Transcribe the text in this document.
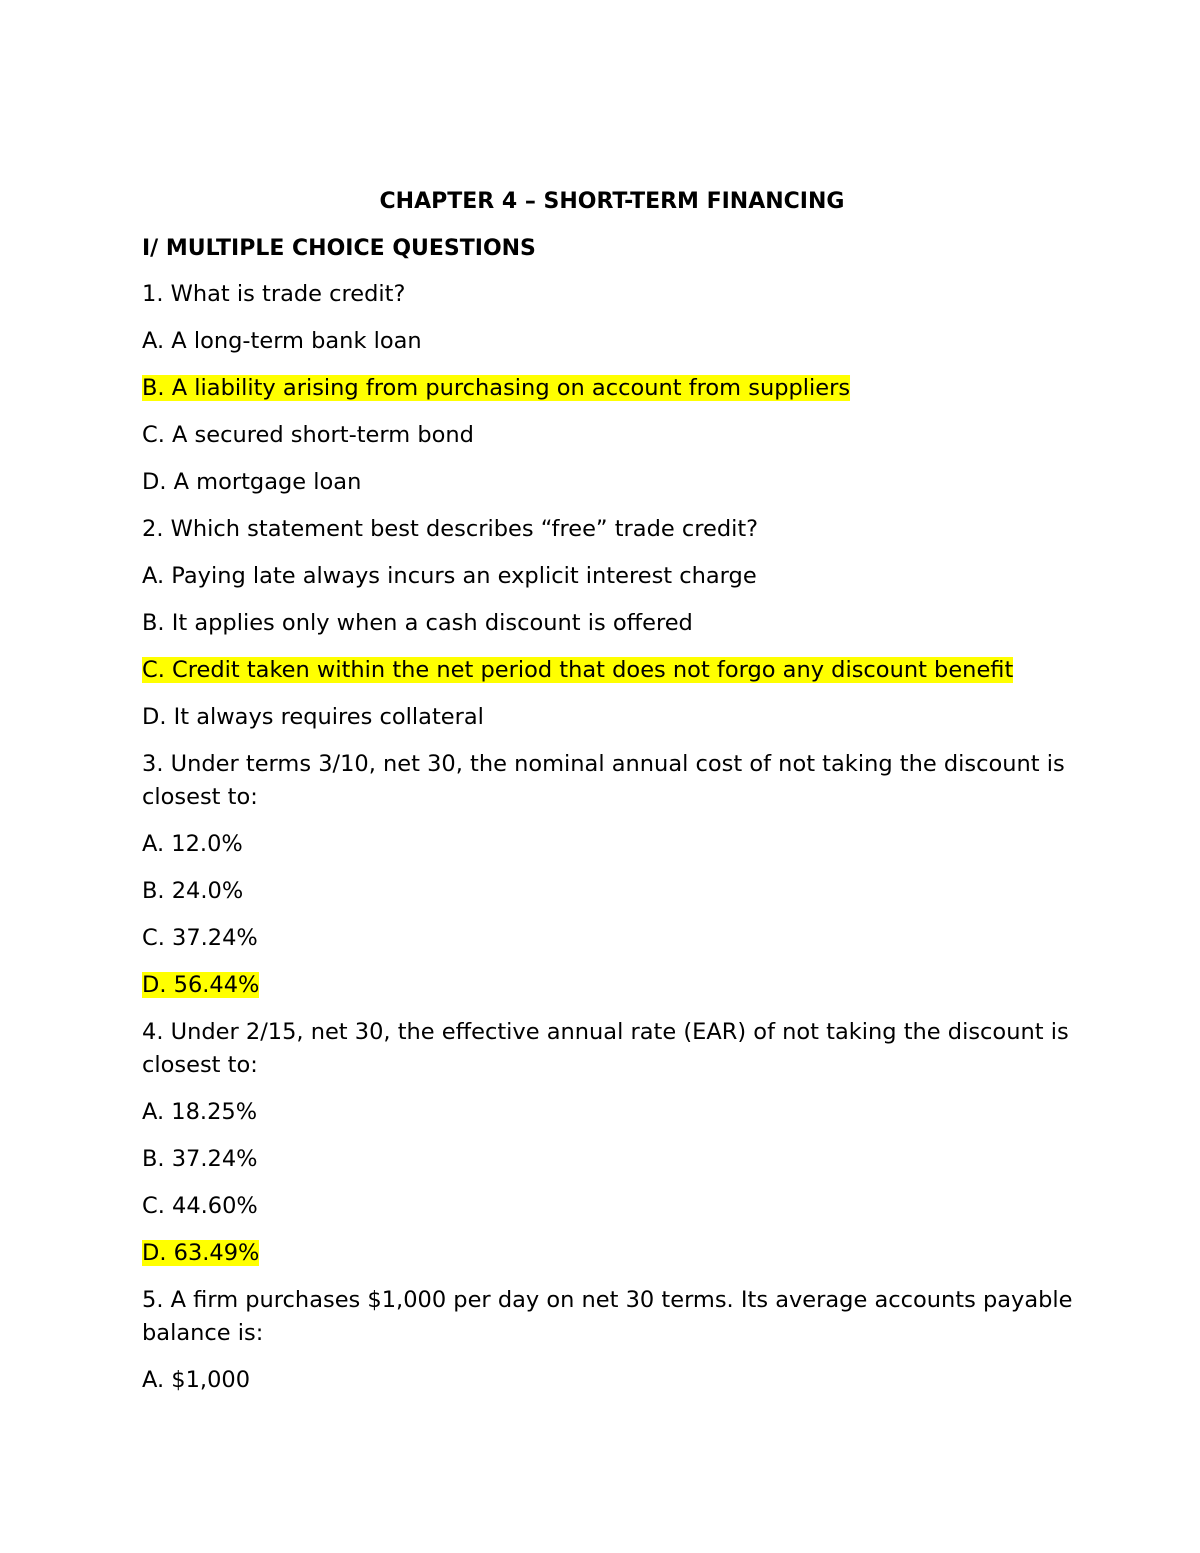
CHAPTER 4 – SHORT-TERM FINANCING
I/ MULTIPLE CHOICE QUESTIONS
1. What is trade credit?
A. A long-term bank loan
B. A liability arising from purchasing on account from suppliers
C. A secured short-term bond
D. A mortgage loan
2. Which statement best describes “free” trade credit?
A. Paying late always incurs an explicit interest charge
B. It applies only when a cash discount is offered
C. Credit taken within the net period that does not forgo any discount benefit
D. It always requires collateral
3. Under terms 3/10, net 30, the nominal annual cost of not taking the discount is closest to:
A. 12.0%
B. 24.0%
C. 37.24%
D. 56.44%
4. Under 2/15, net 30, the effective annual rate (EAR) of not taking the discount is closest to:
A. 18.25%
B. 37.24%
C. 44.60%
D. 63.49%
5. A firm purchases $1,000 per day on net 30 terms. Its average accounts payable balance is:
A. $1,000
